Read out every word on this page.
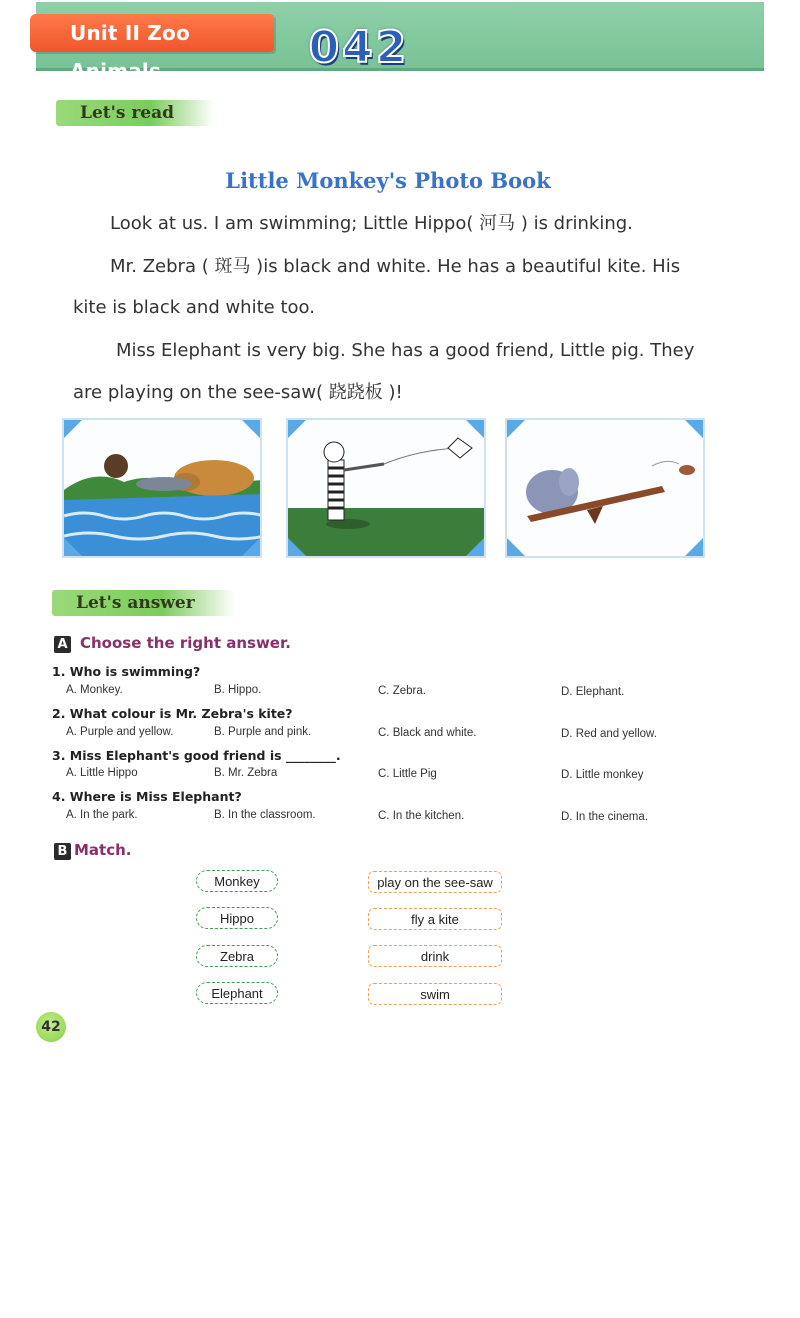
Unit II Zoo Animals	042
Let's read
Little Monkey's Photo Book
Look at us. I am swimming; Little Hippo( 河马 ) is drinking.
Mr. Zebra ( 斑马 )is black and white. He has a beautiful kite. His
kite is black and white too.
Miss Elephant is very big. She has a good friend, Little pig. They
are playing on the see-saw( 跷跷板 )!
Let's answer
A Choose the right answer.
1. Who is swimming?
A. Monkey.	B. Hippo.	C. Zebra.	D. Elephant.
2. What colour is Mr. Zebra's kite?
A. Purple and yellow.	B. Purple and pink.	C. Black and white.	D. Red and yellow.
3. Miss Elephant's good friend is ________.
A. Little Hippo	B. Mr. Zebra	C. Little Pig	D. Little monkey
4. Where is Miss Elephant?
A. In the park.	B. In the classroom.	C. In the kitchen.	D. In the cinema.
B Match.
Monkey
Hippo
Zebra
Elephant
play on the see-saw
fly a kite
drink
swim
42
